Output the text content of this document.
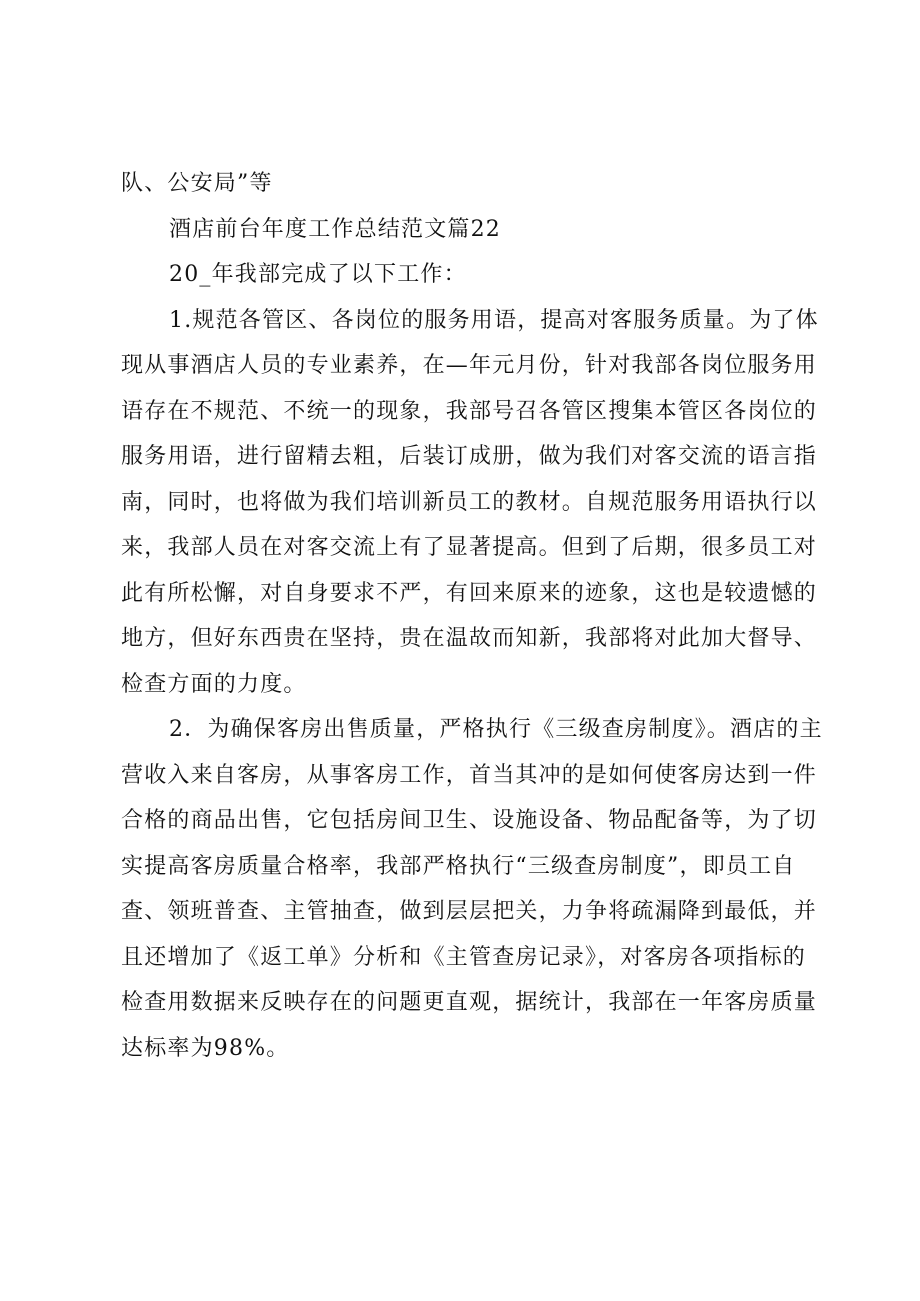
队、公安局”等
酒店前台年度工作总结范文篇22
20_年我部完成了以下工作：
1.规范各管区、各岗位的服务用语，提高对客服务质量。为了体
现从事酒店人员的专业素养，在—年元月份，针对我部各岗位服务用
语存在不规范、不统一的现象，我部号召各管区搜集本管区各岗位的
服务用语，进行留精去粗，后装订成册，做为我们对客交流的语言指
南，同时，也将做为我们培训新员工的教材。自规范服务用语执行以
来，我部人员在对客交流上有了显著提高。但到了后期，很多员工对
此有所松懈，对自身要求不严，有回来原来的迹象，这也是较遗憾的
地方，但好东西贵在坚持，贵在温故而知新，我部将对此加大督导、
检查方面的力度。
2．为确保客房出售质量，严格执行《三级查房制度》。酒店的主
营收入来自客房，从事客房工作，首当其冲的是如何使客房达到一件
合格的商品出售，它包括房间卫生、设施设备、物品配备等，为了切
实提高客房质量合格率，我部严格执行“三级查房制度”，即员工自
查、领班普查、主管抽查，做到层层把关，力争将疏漏降到最低，并
且还增加了《返工单》分析和《主管查房记录》，对客房各项指标的
检查用数据来反映存在的问题更直观，据统计，我部在一年客房质量
达标率为98%。
